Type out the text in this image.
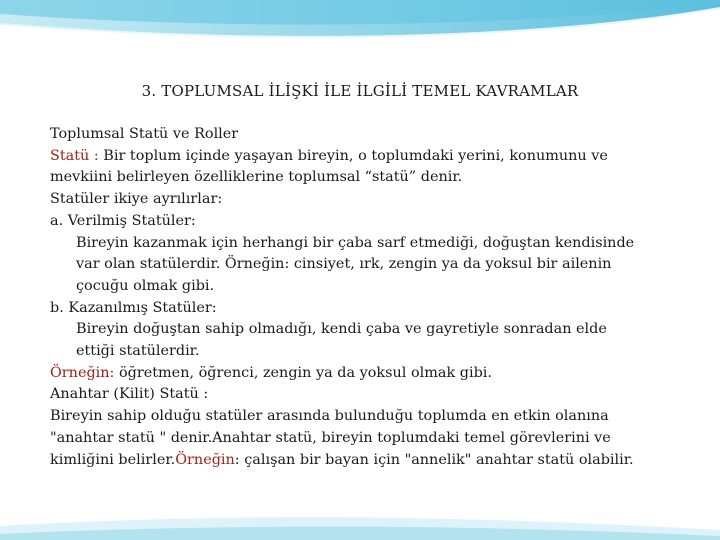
3. TOPLUMSAL İLİŞKİ İLE İLGİLİ TEMEL KAVRAMLAR
Toplumsal Statü ve Roller
Statü : Bir toplum içinde yaşayan bireyin, o toplumdaki yerini, konumunu ve
mevkiini belirleyen özelliklerine toplumsal “statü” denir.
Statüler ikiye ayrılırlar:
a. Verilmiş Statüler:
Bireyin kazanmak için herhangi bir çaba sarf etmediği, doğuştan kendisinde
var olan statülerdir. Örneğin: cinsiyet, ırk, zengin ya da yoksul bir ailenin
çocuğu olmak gibi.
b. Kazanılmış Statüler:
Bireyin doğuştan sahip olmadığı, kendi çaba ve gayretiyle sonradan elde
ettiği statülerdir.
Örneğin: öğretmen, öğrenci, zengin ya da yoksul olmak gibi.
Anahtar (Kilit) Statü :
Bireyin sahip olduğu statüler arasında bulunduğu toplumda en etkin olanına
"anahtar statü " denir.Anahtar statü, bireyin toplumdaki temel görevlerini ve
kimliğini belirler.Örneğin: çalışan bir bayan için "annelik" anahtar statü olabilir.
